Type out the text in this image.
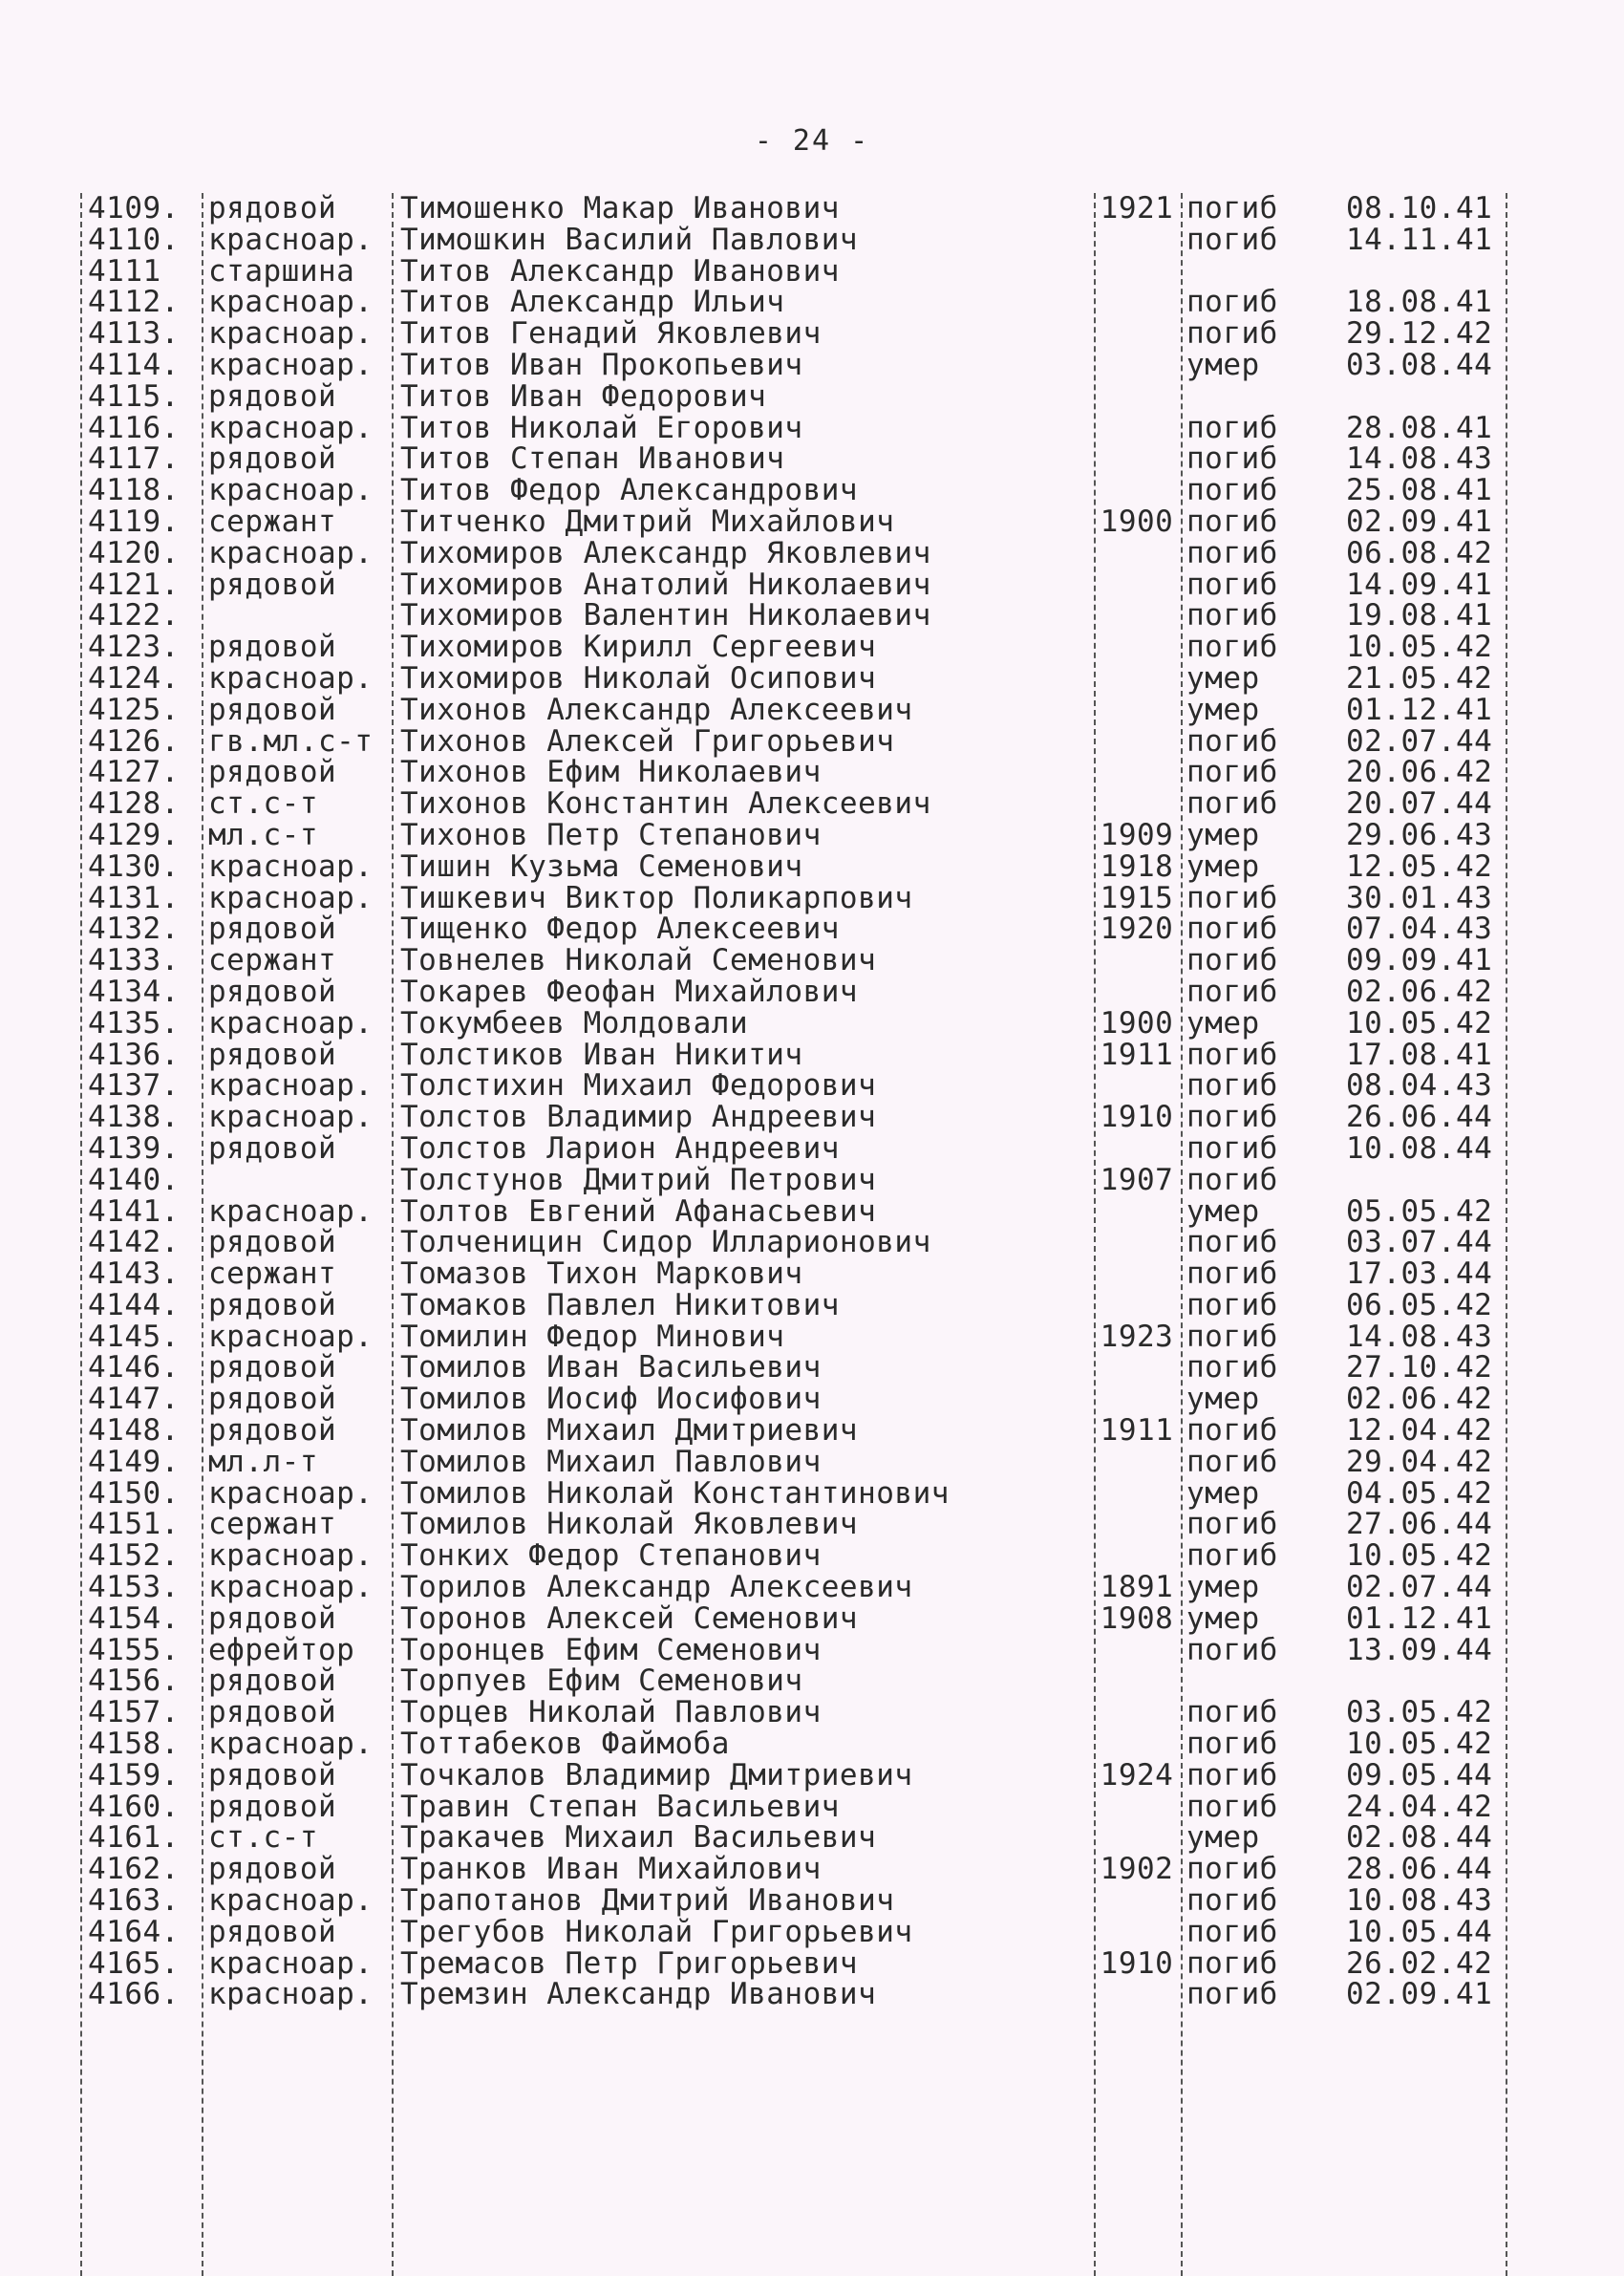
- 24 -
4109. рядовой	Тимошенко Макар Иванович	1921 погиб	08.10.41
4110. красноар. Тимошкин Василий Павлович	погиб	14.11.41
4111	старшина	Титов Александр Иванович
4112. красноар. Титов Александр Ильич	погиб	18.08.41
4113. красноар. Титов Генадий Яковлевич	погиб	29.12.42
4114. красноар. Титов Иван Прокопьевич	умер	03.08.44
4115. рядовой	Титов Иван Федорович
4116. красноар. Титов Николай Егорович	погиб	28.08.41
4117. рядовой	Титов Степан Иванович	погиб	14.08.43
4118. красноар. Титов Федор Александрович	погиб	25.08.41
4119. сержант	Титченко Дмитрий Михайлович	1900 погиб	02.09.41
4120. красноар. Тихомиров Александр Яковлевич	погиб	06.08.42
4121. рядовой	Тихомиров Анатолий Николаевич	погиб	14.09.41
4122.	Тихомиров Валентин Николаевич	погиб	19.08.41
4123. рядовой	Тихомиров Кирилл Сергеевич	погиб	10.05.42
4124. красноар. Тихомиров Николай Осипович	умер	21.05.42
4125. рядовой	Тихонов Александр Алексеевич	умер	01.12.41
4126. гв.мл.с-т Тихонов Алексей Григорьевич	погиб	02.07.44
4127. рядовой	Тихонов Ефим Николаевич	погиб	20.06.42
4128. ст.с-т	Тихонов Константин Алексеевич	погиб	20.07.44
4129. мл.с-т	Тихонов Петр Степанович	1909 умер	29.06.43
4130. красноар. Тишин Кузьма Семенович	1918 умер	12.05.42
4131. красноар. Тишкевич Виктор Поликарпович	1915 погиб	30.01.43
4132. рядовой	Тищенко Федор Алексеевич	1920 погиб	07.04.43
4133. сержант	Товнелев Николай Семенович	погиб	09.09.41
4134. рядовой	Токарев Феофан Михайлович	погиб	02.06.42
4135. красноар. Токумбеев Молдовали	1900 умер	10.05.42
4136. рядовой	Толстиков Иван Никитич	1911 погиб	17.08.41
4137. красноар. Толстихин Михаил Федорович	погиб	08.04.43
4138. красноар. Толстов Владимир Андреевич	1910 погиб	26.06.44
4139. рядовой	Толстов Ларион Андреевич	погиб	10.08.44
4140.	Толстунов Дмитрий Петрович	1907 погиб
4141. красноар. Толтов Евгений Афанасьевич	умер	05.05.42
4142. рядовой	Толченицин Сидор Илларионович	погиб	03.07.44
4143. сержант	Томазов Тихон Маркович	погиб	17.03.44
4144. рядовой	Томаков Павлел Никитович	погиб	06.05.42
4145. красноар. Томилин Федор Минович	1923 погиб	14.08.43
4146. рядовой	Томилов Иван Васильевич	погиб	27.10.42
4147. рядовой	Томилов Иосиф Иосифович	умер	02.06.42
4148. рядовой	Томилов Михаил Дмитриевич	1911 погиб	12.04.42
4149. мл.л-т	Томилов Михаил Павлович	погиб	29.04.42
4150. красноар. Томилов Николай Константинович	умер	04.05.42
4151. сержант	Томилов Николай Яковлевич	погиб	27.06.44
4152. красноар. Тонких Федор Степанович	погиб	10.05.42
4153. красноар. Торилов Александр Алексеевич	1891 умер	02.07.44
4154. рядовой	Торонов Алексей Семенович	1908 умер	01.12.41
4155. ефрейтор	Торонцев Ефим Семенович	погиб	13.09.44
4156. рядовой	Торпуев Ефим Семенович
4157. рядовой	Торцев Николай Павлович	погиб	03.05.42
4158. красноар. Тоттабеков Файмоба	погиб	10.05.42
4159. рядовой	Точкалов Владимир Дмитриевич	1924 погиб	09.05.44
4160. рядовой	Травин Степан Васильевич	погиб	24.04.42
4161. ст.с-т	Тракачев Михаил Васильевич	умер	02.08.44
4162. рядовой	Транков Иван Михайлович	1902 погиб	28.06.44
4163. красноар. Трапотанов Дмитрий Иванович	погиб	10.08.43
4164. рядовой	Трегубов Николай Григорьевич	погиб	10.05.44
4165. красноар. Тремасов Петр Григорьевич	1910 погиб	26.02.42
4166. красноар. Тремзин Александр Иванович	погиб	02.09.41
